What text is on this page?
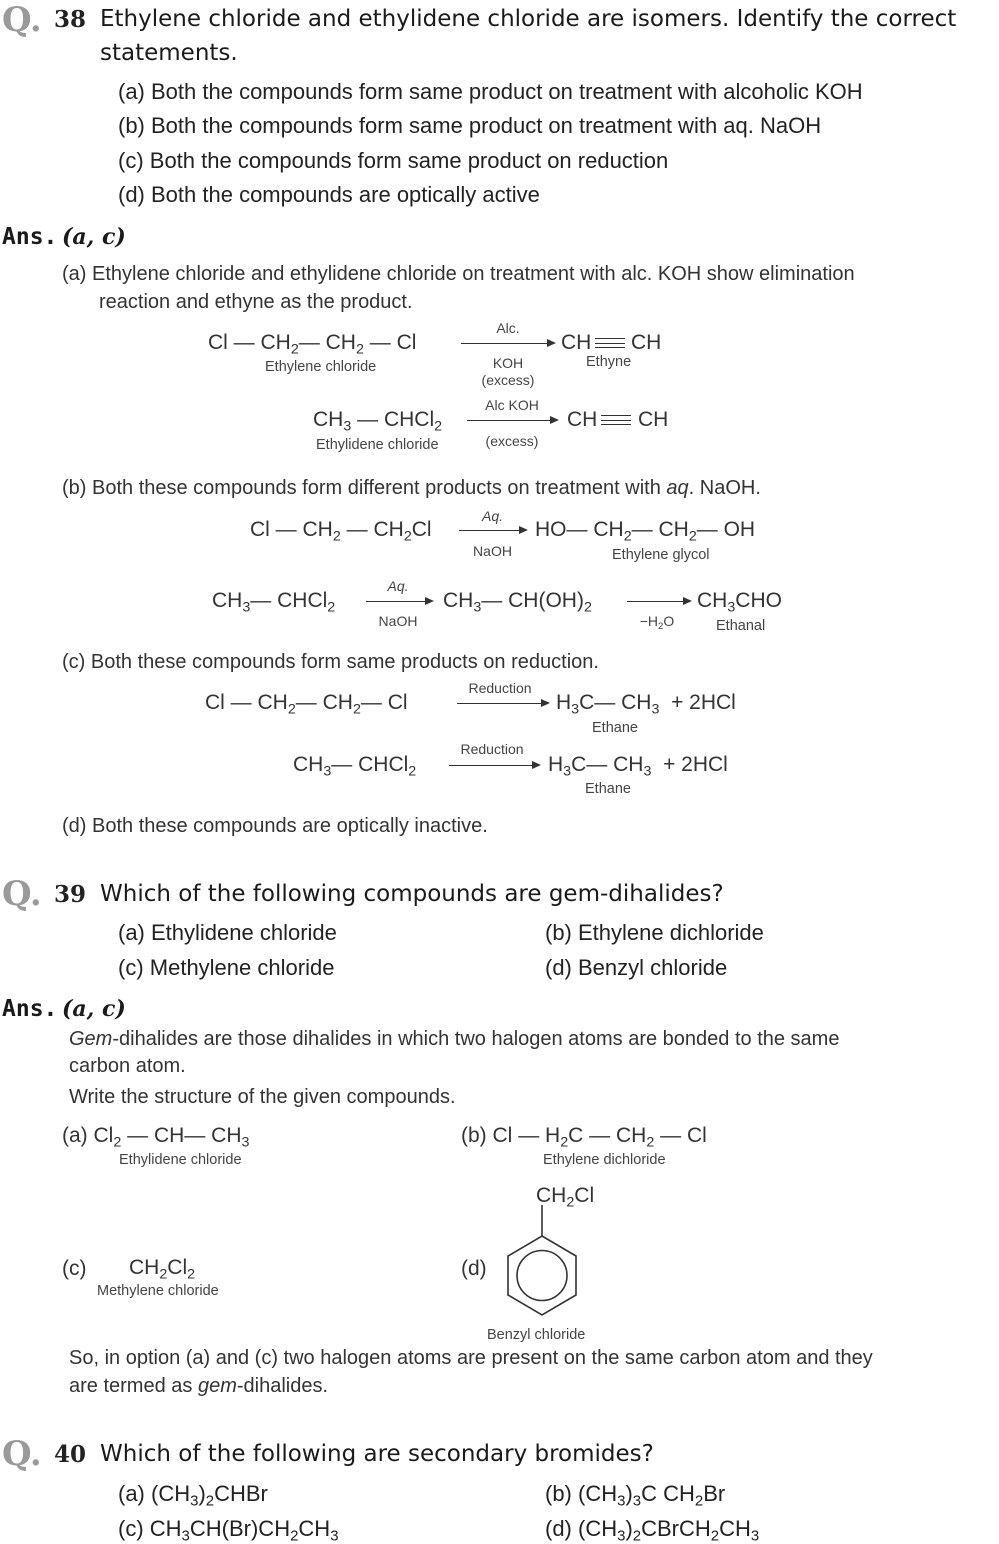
Q. 38 Ethylene chloride and ethylidene chloride are isomers. Identify the correct
statements.
(a) Both the compounds form same product on treatment with alcoholic KOH
(b) Both the compounds form same product on treatment with aq. NaOH
(c) Both the compounds form same product on reduction
(d) Both the compounds are optically active
Ans. (a, c)
(a) Ethylene chloride and ethylidene chloride on treatment with alc. KOH show elimination
reaction and ethyne as the product.
Cl — $CH_2—$ $CH_2$ — Cl
Ethylene chloride
Alc.
KOH
(excess)
CH CH
Ethyne
$CH_3$ — CHCl$_2$
Ethylidene chloride
Alc KOH
(excess)
CH CH
(b) Both these compounds form different products on treatment with aq. NaOH.
Cl — $CH_2$ — $CH_2Cl$
Aq.
NaOH
HO— $CH_2—$ $CH_2—$ OH
Ethylene glycol
$CH_3—$ CHCl$_2$
Aq.
NaOH
$CH_3—$ $CH(OH)_2$
$-H_2O$
$CH_3CHO$
Ethanal
(c) Both these compounds form same products on reduction.
Cl — $CH_2—$ $CH_2—$ Cl
Reduction
$H_3C—$ $CH_3 + 2HCl$
Ethane
$CH_3—$ CHCl$_2$
Reduction
$H_3C—$ $CH_3 + 2HCl$
Ethane
(d) Both these compounds are optically inactive.
Q. 39 Which of the following compounds are gem-dihalides?
(a) Ethylidene chloride	(b) Ethylene dichloride
(c) Methylene chloride	(d) Benzyl chloride
Ans. (a, c)
Gem-dihalides are those dihalides in which two halogen atoms are bonded to the same
carbon atom.
Write the structure of the given compounds.
(a) $Cl_2$ — CH— $CH_3$
Ethylidene chloride
(b) Cl — $H_2C$ — $CH_2$ — Cl
Ethylene dichloride
(c) $CH_2Cl_2$
Methylene chloride
(d)
$CH_2Cl$
Benzyl chloride
So, in option (a) and (c) two halogen atoms are present on the same carbon atom and they
are termed as gem-dihalides.
Q. 40 Which of the following are secondary bromides?
(a) $(CH_3)_2CHBr$	(b) $(CH_3)_3C$ $CH_2Br$
(c) $CH_3CH(Br)CH_2CH_3$	(d) $(CH_3)_2CBrCH_2CH_3$
